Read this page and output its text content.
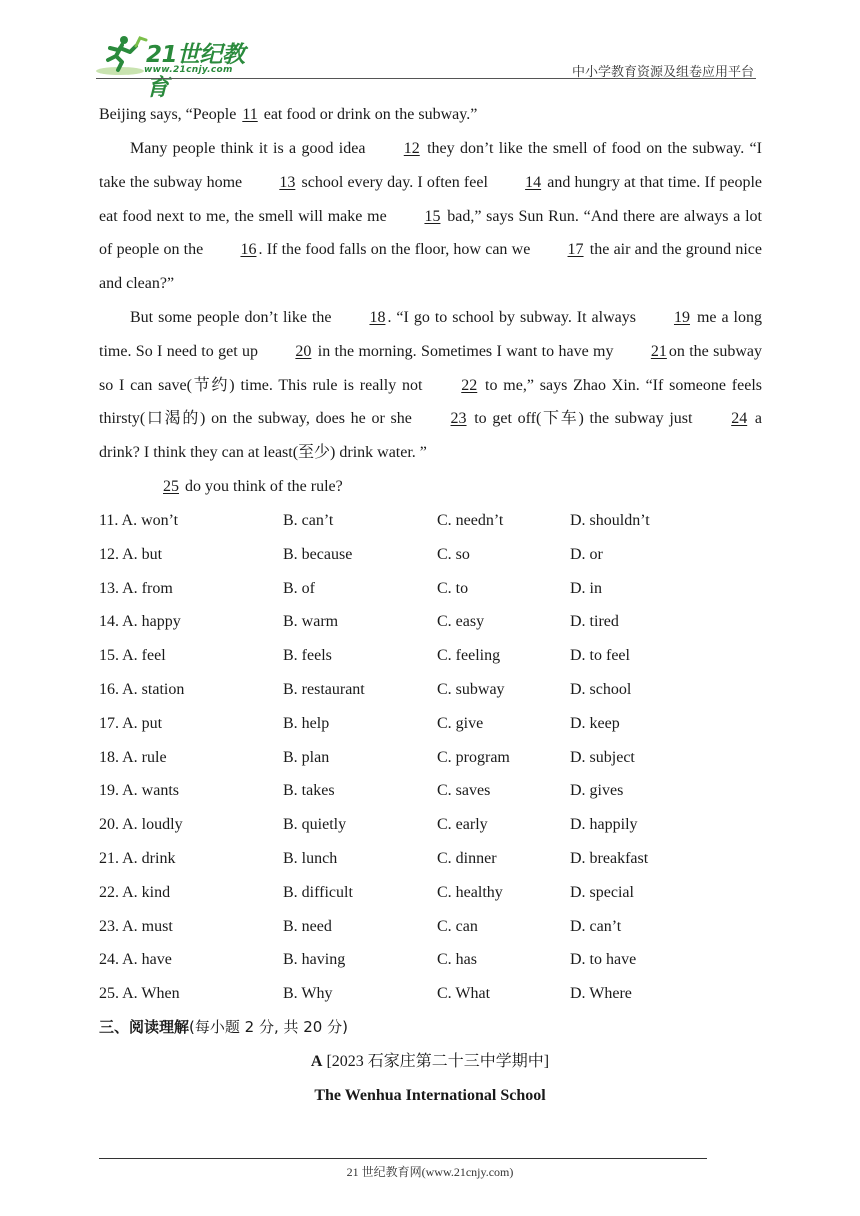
21世纪教育
www.21cnjy.com	中小学教育资源及组卷应用平台

Beijing says, “People 11 eat food or drink on the subway.”

Many people think it is a good idea 12 they don’t like the smell of food on the subway. “I take the subway home 13 school every day. I often feel 14 and hungry at that time. If people eat food next to me, the smell will make me 15 bad,” says Sun Run. “And there are always a lot of people on the 16 . If the food falls on the floor, how can we 17 the air and the ground nice and clean?”

But some people don’t like the 18 . “I go to school by subway. It always 19 me a long time. So I need to get up 20 in the morning. Sometimes I want to have my 21 on the subway so I can save(节约) time. This rule is really not 22 to me,” says Zhao Xin. “If someone feels thirsty(口渴的) on the subway, does he or she 23 to get off(下车) the subway just 24 a drink? I think they can at least(至少) drink water. ”

25 do you think of the rule?

11. A. won’t	B. can’t	C. needn’t	D. shouldn’t
12. A. but	B. because	C. so	D. or
13. A. from	B. of	C. to	D. in
14. A. happy	B. warm	C. easy	D. tired
15. A. feel	B. feels	C. feeling	D. to feel
16. A. station	B. restaurant	C. subway	D. school
17. A. put	B. help	C. give	D. keep
18. A. rule	B. plan	C. program	D. subject
19. A. wants	B. takes	C. saves	D. gives
20. A. loudly	B. quietly	C. early	D. happily
21. A. drink	B. lunch	C. dinner	D. breakfast
22. A. kind	B. difficult	C. healthy	D. special
23. A. must	B. need	C. can	D. can’t
24. A. have	B. having	C. has	D. to have
25. A. When	B. Why	C. What	D. Where
三、阅读理解(每小题 2 分, 共 20 分)
A [2023 石家庄第二十三中学期中]
The Wenhua International School
21 世纪教育网(www.21cnjy.com)
